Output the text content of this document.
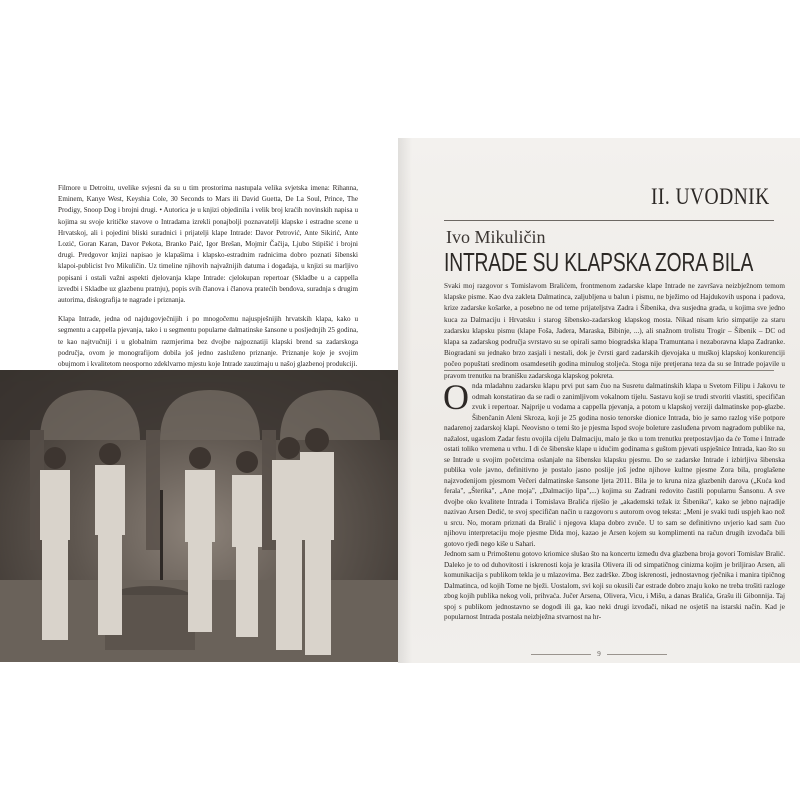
Filmore u Detroitu, uvelike svjesni da su u tim prostorima nastupala velika svjetska imena: Rihanna, Eminem, Kanye West, Keyshia Cole, 30 Seconds to Mars ili David Guetta, De La Soul, Prince, The Prodigy, Snoop Dog i brojni drugi. • Autorica je u knjizi objedinila i velik broj kraćih novinskih napisa u kojima su svoje kritičke stavove o Intradama izrekli ponajbolji poznavatelji klapske i estradne scene u Hrvatskoj, ali i pojedini bliski suradnici i prijatelji klape Intrade: Davor Petrović, Ante Sikirić, Ante Lozić, Goran Karan, Davor Pekota, Branko Paić, Igor Brešan, Mojmir Čačija, Ljubo Stipišić i brojni drugi. Predgovor knjizi napisao je klapašima i klapsko-estradnim radnicima dobro poznati šibenski klapoi-publicist Ivo Mikuličin. Uz timeline njihovih najvažnijih datuma i događaja, u knjizi su marljivo popisani i ostali važni aspekti djelovanja klape Intrade: cjelokupan repertoar (Skladbe u a cappella izvedbi i Skladbe uz glazbenu pratnju), popis svih članova i članova pratećih benđova, suradnja s drugim autorima, diskografija te nagrade i priznanja.

Klapa Intrade, jedna od najdugovječnijih i po mnogočemu najuspješnijih hrvatskih klapa, kako u segmentu a cappella pjevanja, tako i u segmentu popularne dalmatinske šansone u posljednjih 25 godina, te kao najtvučniji i u globalnim razmjerima bez dvojbe najpoznatiji klapski brend sa zadarskoga područja, ovom je monografijom dobila još jedno zasluženo priznanje. Priznanje koje je svojim obujmom i kvalitetom neosporno zdeklvarno mjestu koje Intrade zauzimaju u našoj glazbenoj produkciji.

II. UVODNIK
Ivo Mikuličin
INTRADE SU KLAPSKA ZORA BILA

Svaki moj razgovor s Tomislavom Bralićem, frontmenom zadarske klape Intrade ne završava neizbježnom temom klapske pisme. Kao dva zakleta Dalmatinca, zaljubljena u balun i pismu, ne bježimo od Hajdukovih uspona i padova, krize zadarske košarke, a posebno ne od teme prijateljstva Zadra i Šibenika, dva susjedna grada, u kojima sve jedno kuca za Dalmaciju i Hrvatsku i starog šibensko-zadarskog klapskog mosta. Nikad nisam krio simpatije za staru zadarsku klapsku pismu (klape Fošа, Jadera, Maraska, Bibinje, ...), ali snažnom trolistu Trogir – Šibenik – DC od klapa sa zadarskog područja svrstavo su se opirali samo biogradska klapa Tramuntana i nezaboravna klapa Zadranke. Biogradani su jednako brzo zasjali i nestali, dok je čvrsti gard zadarskih djevojaka u muškoj klapskoj konkurenciji počeo popuštati sredinom osamdesetih godina minulog stoljeća. Stoga nije pretjerana teza da su se Intrade pojavile u pravom trenutku na branišku zadarskoga klapskog pokreta.

Onda mladahnu zadarsku klapu prvi put sam čuo na Susretu dalmatinskih klapa u Svetom Filipu i Jakovu te odmah konstatirao da se radi o zanimljivom vokalnom tijelu. Sastavu koji se trudi stvoriti vlastiti, specifičan zvuk i repertoar. Najprije u vodama a cappella pjevanja, a potom u klapskoj verziji dalmatinske pop-glazbe. Šibenčanin Aleni Skroza, koji je 25 godina nosio tenorske dionice Intrada, bio je samo razlog više potpore nadarenoj zadarskoj klapi. Neovisno o temi što je pjesma Ispod svoje boleture zasluđena prvom nagradom publike na, nažalost, ugaslom Zadar festu ovojila cijelu Dalmaciju, malo je tko u tom trenutku pretpostavljao da će Tome i Intrade ostati toliko vremena u vrhu. I di će šibenske klape u idućim godinama s guštom pjevati uspješnice Intrada, kao što su se Intrade u svojim početcima oslanjale na šibensku klapsku pjesmu. Do se zadarske Intrade i izbirljiva šibenska publika vole javno, definitivno je postalo jasno poslije još jedne njihove kultne pjesme Zora bila, proglašene najzvodenijom pjesmom Večeri dalmatinske šansone ljeta 2011. Bila je to kruna niza glazbenih darova („Kuća kod ferala", „Šterika", „Ane moja", „Dalmacijo lipa",...) kojima su Zadrani redovito častili popularnu Šansonu. A sve dvojbe oko kvalitete Intrada i Tomislava Bralića riješio je „akademski težak iz Šibenika", kako se jebno najradije nazivao Arsen Dedić, te svoj specifičan način u razgovoru s autorom ovog teksta: „Meni je svaki tudi uspjeh kao nož u srcu. No, moram priznati da Bralić i njegova klapa dobro zvuče. U to sam se definitivno uvjerio kad sam čuo njihovu interpretaciju moje pjesme Dida moj, kazao je Arsen kojem su komplimenti na račun drugih izvođača bili gotovo rjeđi nego kiše u Sahari.

Jednom sam u Primoštenu gotovo kriomice slušao što na koncertu između dva glazbena broja govori Tomislav Bralić. Daleko je to od duhovitosti i iskrenosti koja je krasila Olivera ili od simpatičnog cinizma kojim je briljirao Arsen, ali komunikacija s publikom teklа je u mlazovima. Bez zadrške. Zbog iskrenosti, jednostavnog rječnika i manira tipičnog Dalmatinca, od kojih Tome ne bježi. Uostalom, svi koji su okusili čar estrade dobro znaju koko ne treba trošiti razloge zbog kojih publika nekog voli, prihvaća. Jučer Arsena, Olivera, Vicu, i Mišu, a danas Bralića, Grašu ili Gibonnija. Taj spoj s publikom jednostavno se dogodi ili ga, kao neki drugi izvođači, nikad ne osjetiš na istarski način. Kad je popularnost Intrada postala neizbježna stvarnost na hr-

9
